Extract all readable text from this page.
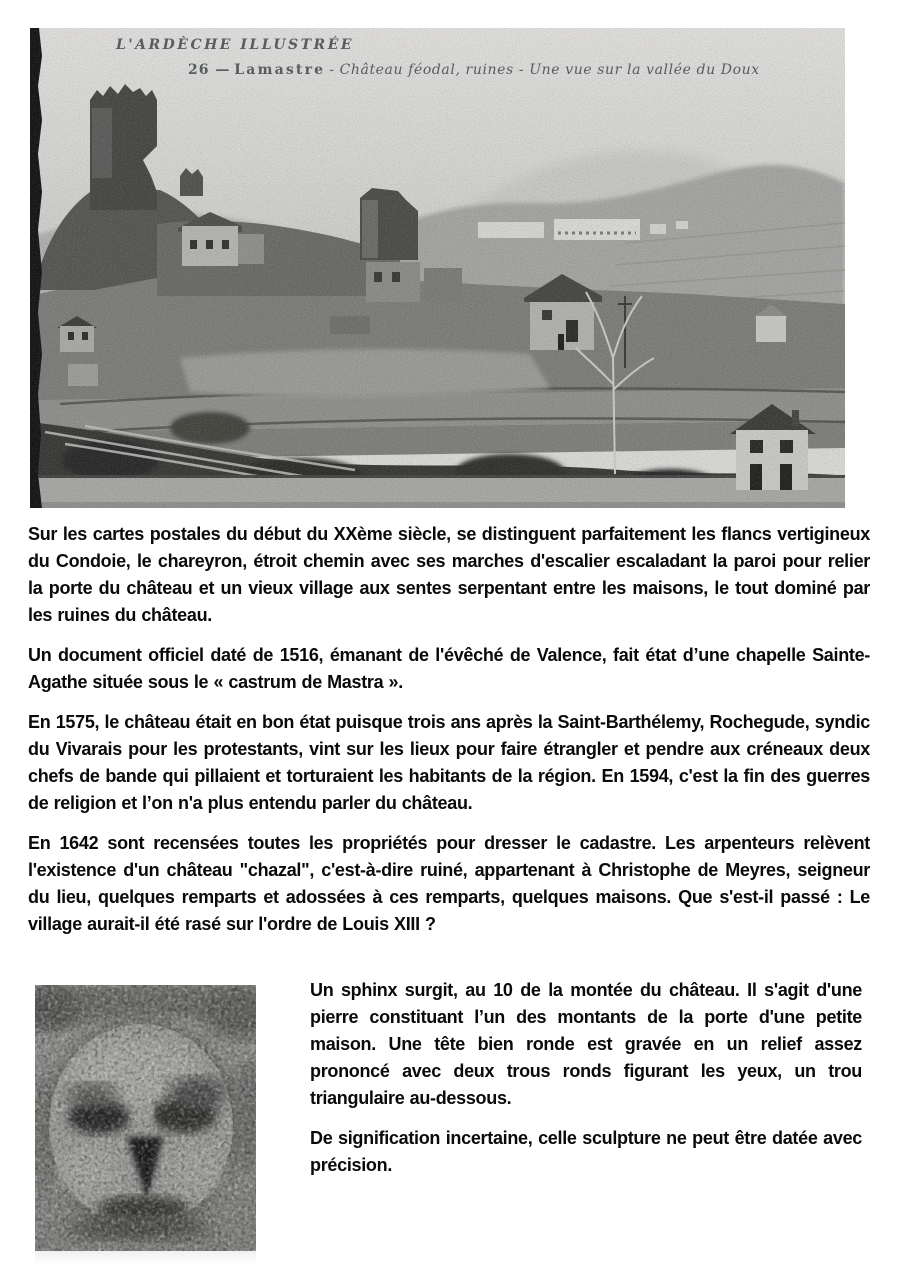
L'ARDÈCHE ILLUSTRÉE
26 — Lamastre - Château féodal, ruines - Une vue sur la vallée du Doux

Sur les cartes postales du début du XXème siècle, se distinguent parfaitement les flancs vertigineux du Condoie, le chareyron, étroit chemin avec ses marches d'escalier escaladant la paroi pour relier la porte du château et un vieux village aux sentes serpentant entre les maisons, le tout dominé par les ruines du château.

Un document officiel daté de 1516, émanant de l'évêché de Valence, fait état d’une chapelle Sainte-Agathe située sous le « castrum de Mastra ».

En 1575, le château était en bon état puisque trois ans après la Saint-Barthélemy, Rochegude, syndic du Vivarais pour les protestants, vint sur les lieux pour faire étrangler et pendre aux créneaux deux chefs de bande qui pillaient et torturaient les habitants de la région. En 1594, c'est la fin des guerres de religion et l’on n'a plus entendu parler du château.

En 1642 sont recensées toutes les propriétés pour dresser le cadastre. Les arpenteurs relèvent l'existence d'un château "chazal", c'est-à-dire ruiné, appartenant à Christophe de Meyres, seigneur du lieu, quelques remparts et adossées à ces remparts, quelques maisons. Que s'est-il passé : Le village aurait-il été rasé sur l'ordre de Louis XIII ?

Un sphinx surgit, au 10 de la montée du château. Il s'agit d'une pierre constituant l’un des montants de la porte d'une petite maison. Une tête bien ronde est gravée en un relief assez prononcé avec deux trous ronds figurant les yeux, un trou triangulaire au-dessous.

De signification incertaine, celle sculpture ne peut être datée avec précision.
